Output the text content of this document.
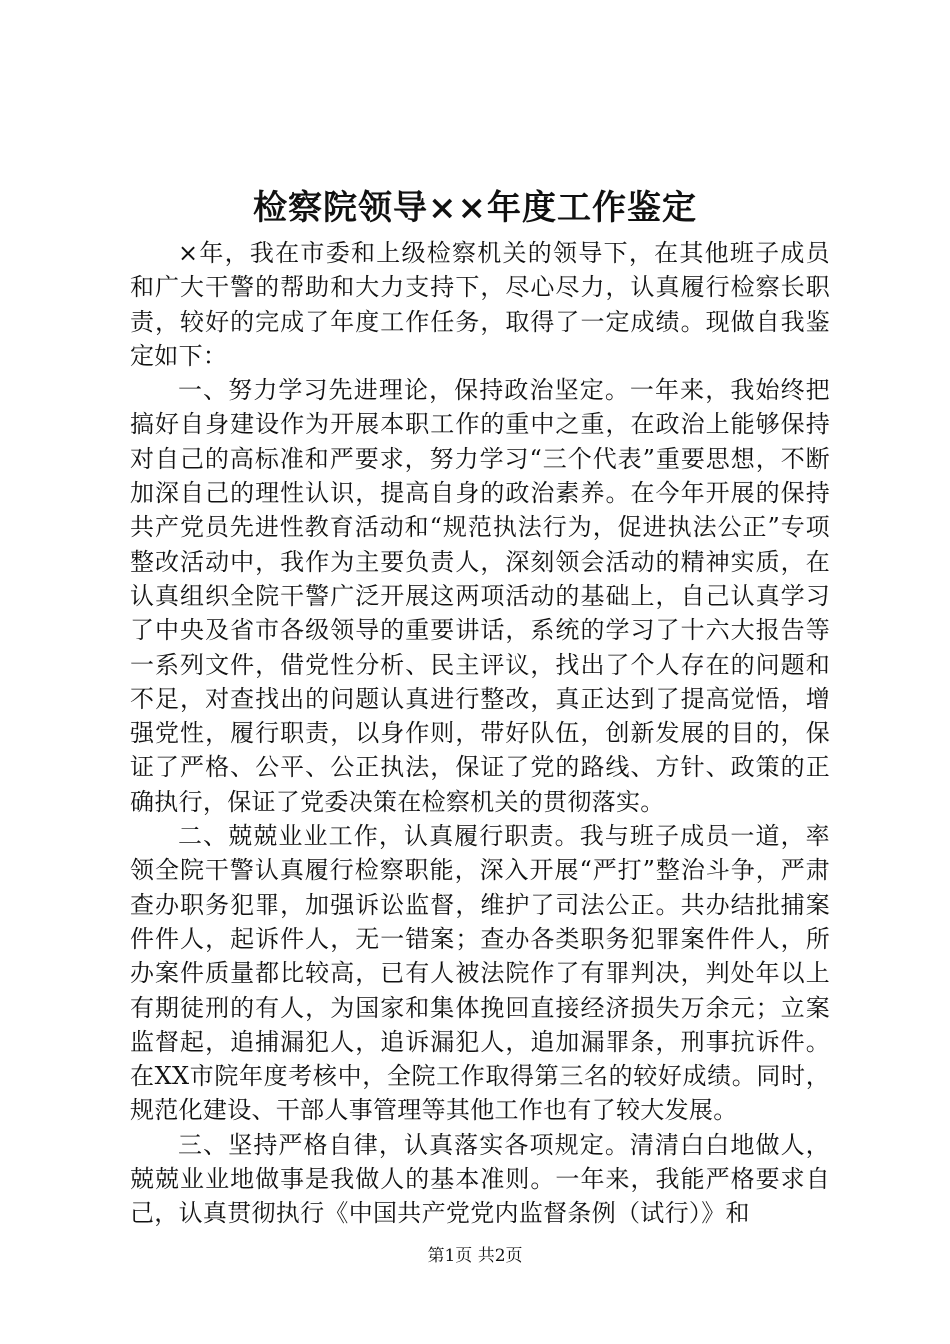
检察院领导××年度工作鉴定

×年，我在市委和上级检察机关的领导下，在其他班子成员和广大干警的帮助和大力支持下，尽心尽力，认真履行检察长职责，较好的完成了年度工作任务，取得了一定成绩。现做自我鉴定如下：

一、努力学习先进理论，保持政治坚定。一年来，我始终把搞好自身建设作为开展本职工作的重中之重，在政治上能够保持对自己的高标准和严要求，努力学习“三个代表”重要思想，不断加深自己的理性认识，提高自身的政治素养。在今年开展的保持共产党员先进性教育活动和“规范执法行为，促进执法公正”专项整改活动中，我作为主要负责人，深刻领会活动的精神实质，在认真组织全院干警广泛开展这两项活动的基础上，自己认真学习了中央及省市各级领导的重要讲话，系统的学习了十六大报告等一系列文件，借党性分析、民主评议，找出了个人存在的问题和不足，对查找出的问题认真进行整改，真正达到了提高觉悟，增强党性，履行职责，以身作则，带好队伍，创新发展的目的，保证了严格、公平、公正执法，保证了党的路线、方针、政策的正确执行，保证了党委决策在检察机关的贯彻落实。

二、兢兢业业工作，认真履行职责。我与班子成员一道，率领全院干警认真履行检察职能，深入开展“严打”整治斗争，严肃查办职务犯罪，加强诉讼监督，维护了司法公正。共办结批捕案件件人，起诉件人，无一错案；查办各类职务犯罪案件件人，所办案件质量都比较高，已有人被法院作了有罪判决，判处年以上有期徒刑的有人，为国家和集体挽回直接经济损失万余元；立案监督起，追捕漏犯人，追诉漏犯人，追加漏罪条，刑事抗诉件。在XX市院年度考核中，全院工作取得第三名的较好成绩。同时，规范化建设、干部人事管理等其他工作也有了较大发展。

三、坚持严格自律，认真落实各项规定。清清白白地做人，兢兢业业地做事是我做人的基本准则。一年来，我能严格要求自己，认真贯彻执行《中国共产党党内监督条例（试行）》和

第1页 共2页
